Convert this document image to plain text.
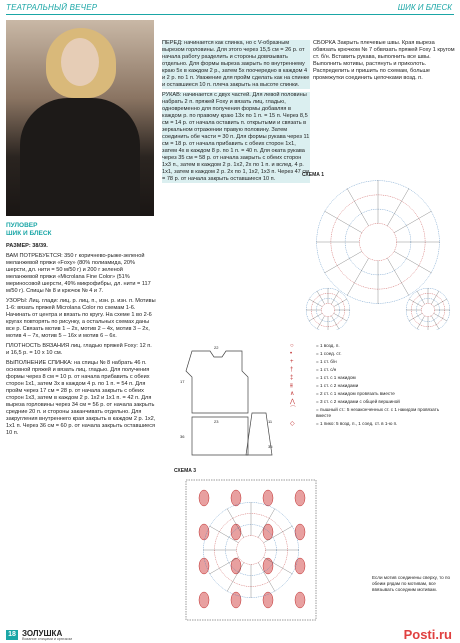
ТЕАТРАЛЬНЫЙ ВЕЧЕР	ШИК И БЛЕСК
ПУЛОВЕР
ШИК И БЛЕСК

РАЗМЕР: 38/39.

ВАМ ПОТРЕБУЕТСЯ: 350 г коричнево-рыже-зеленой меланжевой пряжи «Foxy» (80% полиамида, 20% шерсти, дл. нити = 50 м/50 г) и 200 г зеленой меланжевой пряжи «Microlana Fine Color» (51% мериносовой шерсти, 49% микрофибры, дл. нити = 117 м/50 г). Спицы № 8 и крючок № 4 и 7.

УЗОРЫ: Лиц. глади: лиц. р. лиц. п., изн. р. изн. п. Мотивы 1-6: вязать пряжей Microlana Color по схемам 1-6. Начинать от центра и вязать по кругу. На схеме 1 во 2-6 кругах повторять по рисунку, а остальных схемах даны все р. Связать мотив 1 – 2х, мотив 2 – 4х, мотив 3 – 2х, мотив 4 – 7х, мотив 5 – 16х и мотив 6 – 6х.

ПЛОТНОСТЬ ВЯЗАНИЯ лиц. гладью пряжей Foxy: 12 п. и 16,5 р. = 10 х 10 см.

ВЫПОЛНЕНИЕ СПИНКА: на спицы № 8 набрать 46 п. основной пряжей и вязать лиц. гладью. Для получения формы через 8 см = 10 р. от начала прибавить с обеих сторон 1х1, затем 3х в каждом 4 р. по 1 п. = 54 п. Для пройм через 17 см = 28 р. от начала закрыть с обеих сторон 1х3, затем в каждом 2 р. 1х2 и 1х1 п. = 42 п. Для выреза горловины через 34 см = 56 р. от начала закрыть средние 20 п. и стороны заканчивать отдельно. Для закругления внутреннего края закрыть в каждом 2 р. 1х2, 1х1 п. Через 36 см = 60 р. от начала закрыть оставшиеся 10 п.

ПЕРЕД: начинается как спинка, но с V-образным вырезом горловины. Для этого через 15,5 см = 26 р. от начала работу разделить и стороны довязывать отдельно. Для формы выреза закрыть по внутреннему краю 5х в каждом 2 р., затем 5х поочередно в каждом 4 и 2 р. по 1 п. Уважение для пройм сделать как на спинке и оставшиеся 10 п. плеча закрыть на высоте спинки.

РУКАВ: начинается с двух частей. Для левой половины набрать 2 п. пряжей Foxy и вязать лиц. гладью, одновременно для получения формы добавляя в каждом р. по правому краю 13х по 1 п. = 15 п. Через 8,5 см = 14 р. от начала оставить п. открытыми и связать в зеркальном отражении правую половину. Затем соединить обе части = 30 п. Для формы рукава через 11 см = 18 р. от начала прибавить с обеих сторон 1х1, затем 4х в каждом 8 р. по 1 п. = 40 п. Для оката рукава через 35 см = 58 р. от начала закрыть с обеих сторон 1х3 п., затем в каждом 2 р. 1х2, 2х по 1 п. и вслед. 4 р. 1х1, затем в каждом 2 р. 2х по 1, 1х2, 1х3 п. Через 47 см = 78 р. от начала закрыть оставшиеся 10 п.

СБОРКА Закрыть плечевые швы. Края выреза обвязать крючком № 7 обвязать пряжей Foxy 1 кругом ст. б/н. Вставить рукава, выполнить все швы. Выполнить мотивы, растянуть и приколоть. Распределить и пришить по схемам, больше промежутки соединить цепочками возд. п.

СХЕМА 1
22
23
17
36
11
35
○	= 1 возд. п.
•	= 1 соед. ст.
+	= 1 ст. б/н
†	= 1 ст. с/н
‡	= 1 ст. с 1 накидом
⫵	= 1 ст. с 2 накидами
∧	= 2 ст. с 1 накидом провязать вместе
⋀	= 3 ст. с 2 накидами с общей вершиной
⌒	= пышный ст.: 5 незаконченных ст. с 1 накидом провязать вместе
◇	= 1 пико: 5 возд. п., 1 соед. ст. в 1-ю п.
СХЕМА 3
Если мотив соединены сверху, то по обеим рядам по мотивам, все ввязывать соседним мотивам.
18 ЗОЛУШКА
Вязание спицами и крючком	Posti.ru
